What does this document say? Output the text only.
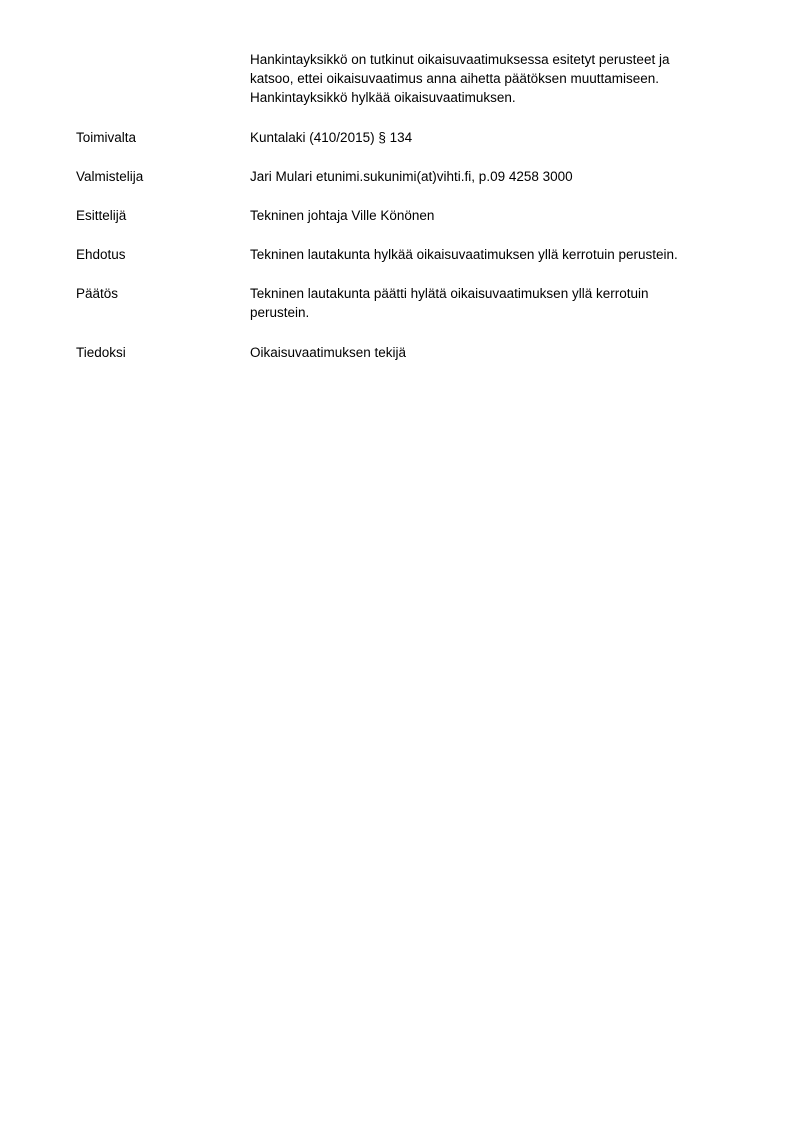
Hankintayksikkö on tutkinut oikaisuvaatimuksessa esitetyt perusteet ja

katsoo, ettei oikaisuvaatimus anna aihetta päätöksen muuttamiseen.

Hankintayksikkö hylkää oikaisuvaatimuksen.

Toimivalta	Kuntalaki (410/2015) § 134
Valmistelija	Jari Mulari etunimi.sukunimi(at)vihti.fi, p.09 4258 3000
Esittelijä	Tekninen johtaja Ville Könönen
Ehdotus	Tekninen lautakunta hylkää oikaisuvaatimuksen yllä kerrotuin perustein.
Päätös	Tekninen lautakunta päätti hylätä oikaisuvaatimuksen yllä kerrotuin
perustein.
Tiedoksi	Oikaisuvaatimuksen tekijä
